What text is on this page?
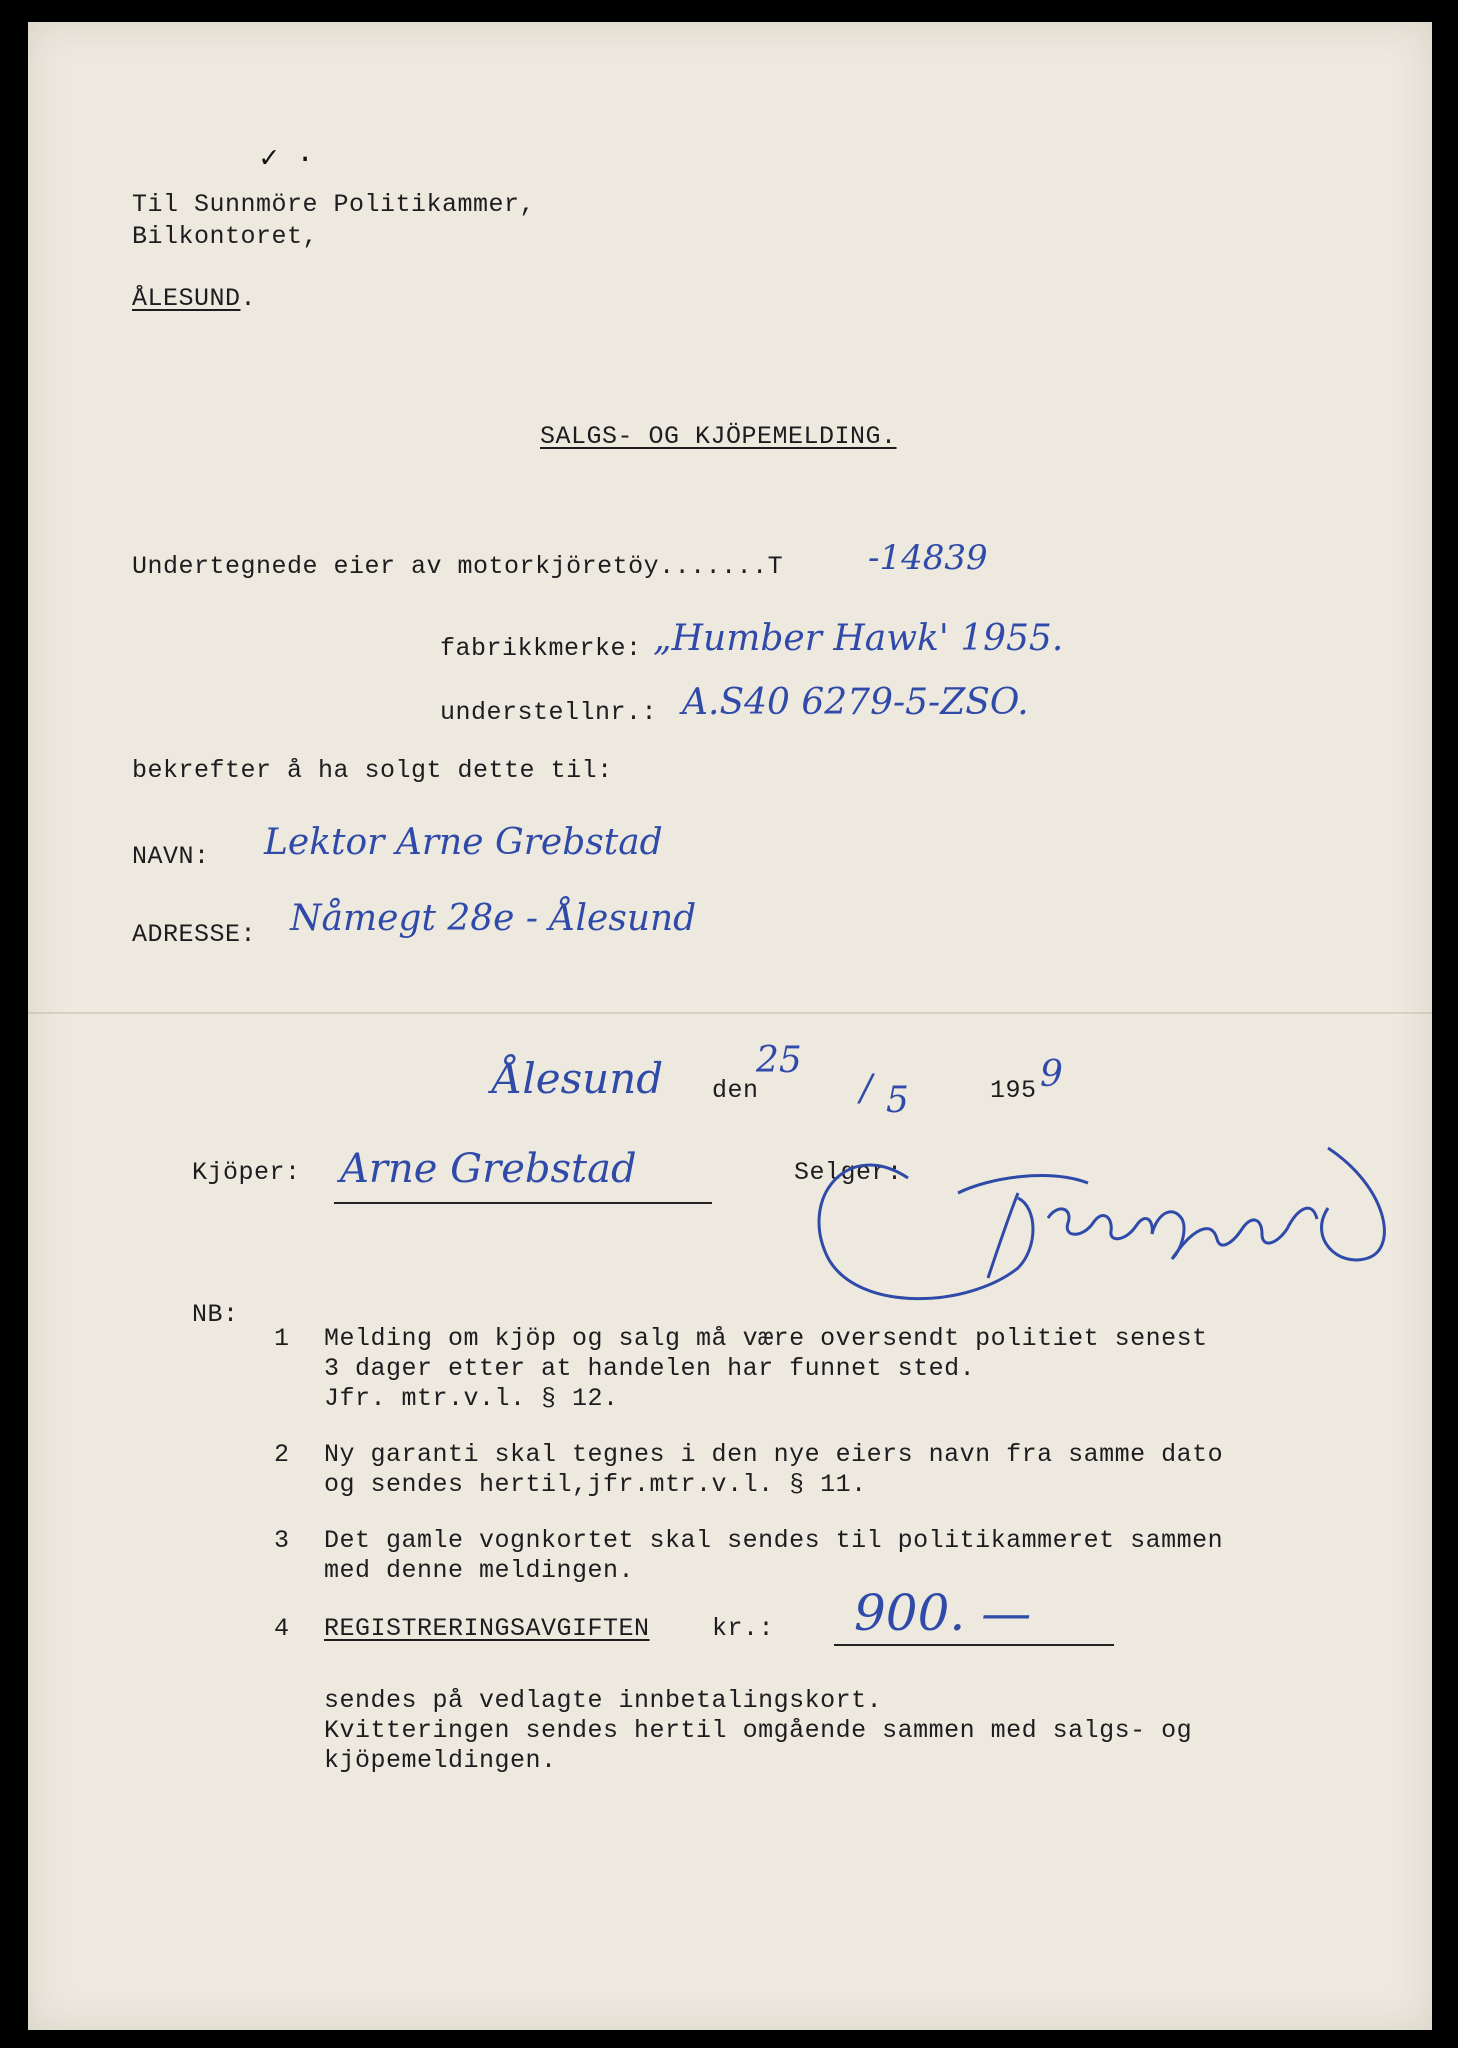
✓ ·
Til Sunnmöre Politikammer,
Bilkontoret,
ÅLESUND.
SALGS- OG KJÖPEMELDING.
Undertegnede eier av motorkjöretöy.......T -14839
fabrikkmerke: „Humber Hawk' 1955.
understellnr.: A.S40 6279-5-ZSO.
bekrefter å ha solgt dette til:
NAVN: Lektor Arne Grebstad
ADRESSE: Nåmegt 28e - Ålesund
Ålesund den
25
/ 5	195 9
Kjöper: Arne Grebstad	Selger:
NB:
1 Melding om kjöp og salg må være oversendt politiet senest
3 dager etter at handelen har funnet sted.
Jfr. mtr.v.l. § 12.
2 Ny garanti skal tegnes i den nye eiers navn fra samme dato
og sendes hertil,jfr.mtr.v.l. § 11.
3 Det gamle vognkortet skal sendes til politikammeret sammen
med denne meldingen.
4 REGISTRERINGSAVGIFTEN kr.: 900. —
sendes på vedlagte innbetalingskort.
Kvitteringen sendes hertil omgående sammen med salgs- og
kjöpemeldingen.
